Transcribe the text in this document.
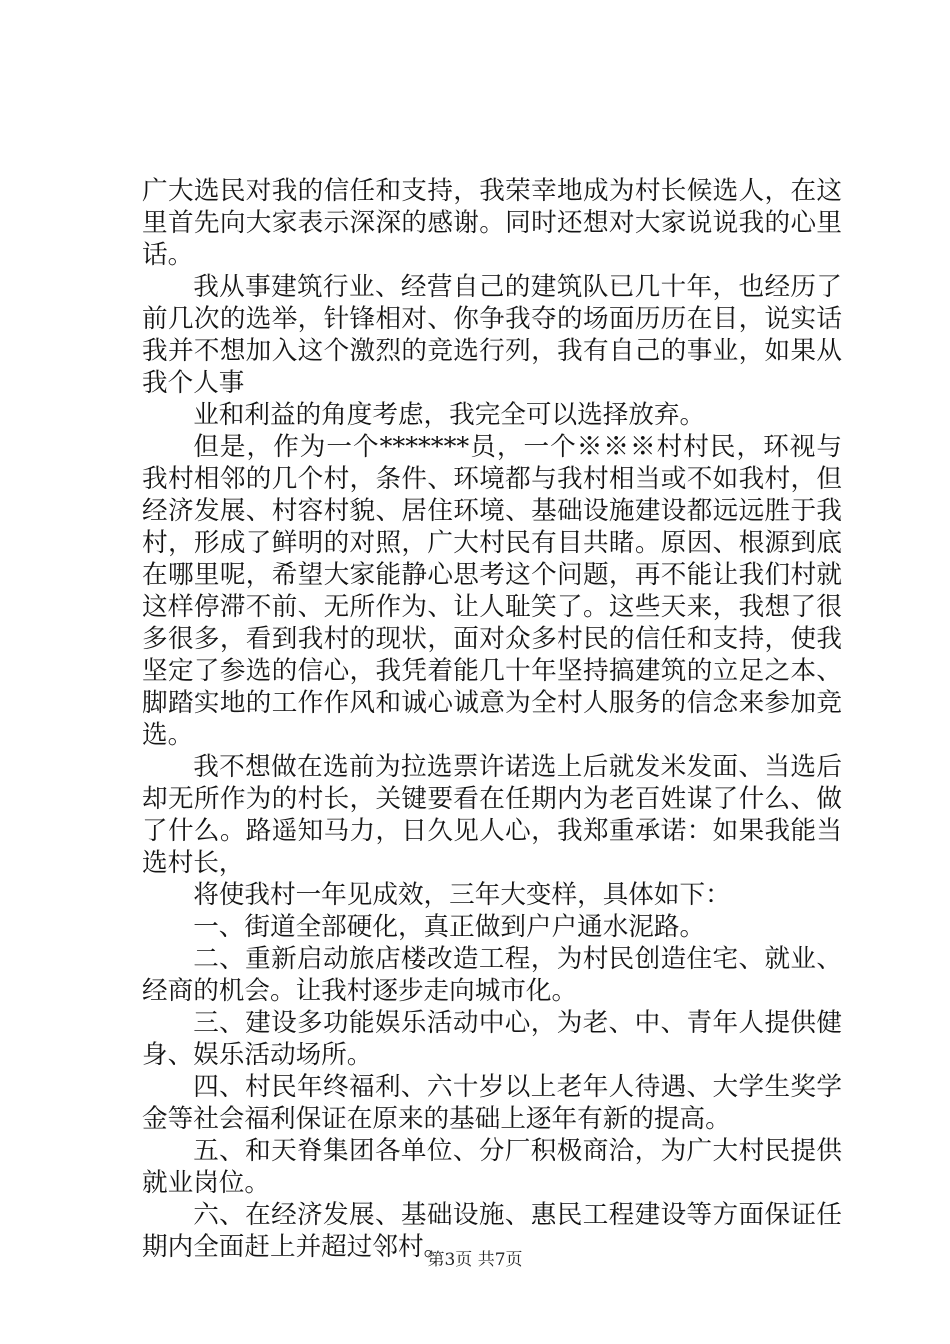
广大选民对我的信任和支持，我荣幸地成为村长候选人，在这里首先向大家表示深深的感谢。同时还想对大家说说我的心里话。

我从事建筑行业、经营自己的建筑队已几十年，也经历了前几次的选举，针锋相对、你争我夺的场面历历在目，说实话我并不想加入这个激烈的竞选行列，我有自己的事业，如果从我个人事

业和利益的角度考虑，我完全可以选择放弃。

但是，作为一个*******员，一个※※※村村民，环视与我村相邻的几个村，条件、环境都与我村相当或不如我村，但经济发展、村容村貌、居住环境、基础设施建设都远远胜于我村，形成了鲜明的对照，广大村民有目共睹。原因、根源到底在哪里呢，希望大家能静心思考这个问题，再不能让我们村就这样停滞不前、无所作为、让人耻笑了。这些天来，我想了很多很多，看到我村的现状，面对众多村民的信任和支持，使我坚定了参选的信心，我凭着能几十年坚持搞建筑的立足之本、脚踏实地的工作作风和诚心诚意为全村人服务的信念来参加竞选。

我不想做在选前为拉选票许诺选上后就发米发面、当选后却无所作为的村长，关键要看在任期内为老百姓谋了什么、做了什么。路遥知马力，日久见人心，我郑重承诺：如果我能当选村长，

将使我村一年见成效，三年大变样，具体如下：

一、街道全部硬化，真正做到户户通水泥路。

二、重新启动旅店楼改造工程，为村民创造住宅、就业、经商的机会。让我村逐步走向城市化。

三、建设多功能娱乐活动中心，为老、中、青年人提供健身、娱乐活动场所。

四、村民年终福利、六十岁以上老年人待遇、大学生奖学金等社会福利保证在原来的基础上逐年有新的提高。

五、和天脊集团各单位、分厂积极商洽，为广大村民提供就业岗位。

六、在经济发展、基础设施、惠民工程建设等方面保证任期内全面赶上并超过邻村。

第3页 共7页
